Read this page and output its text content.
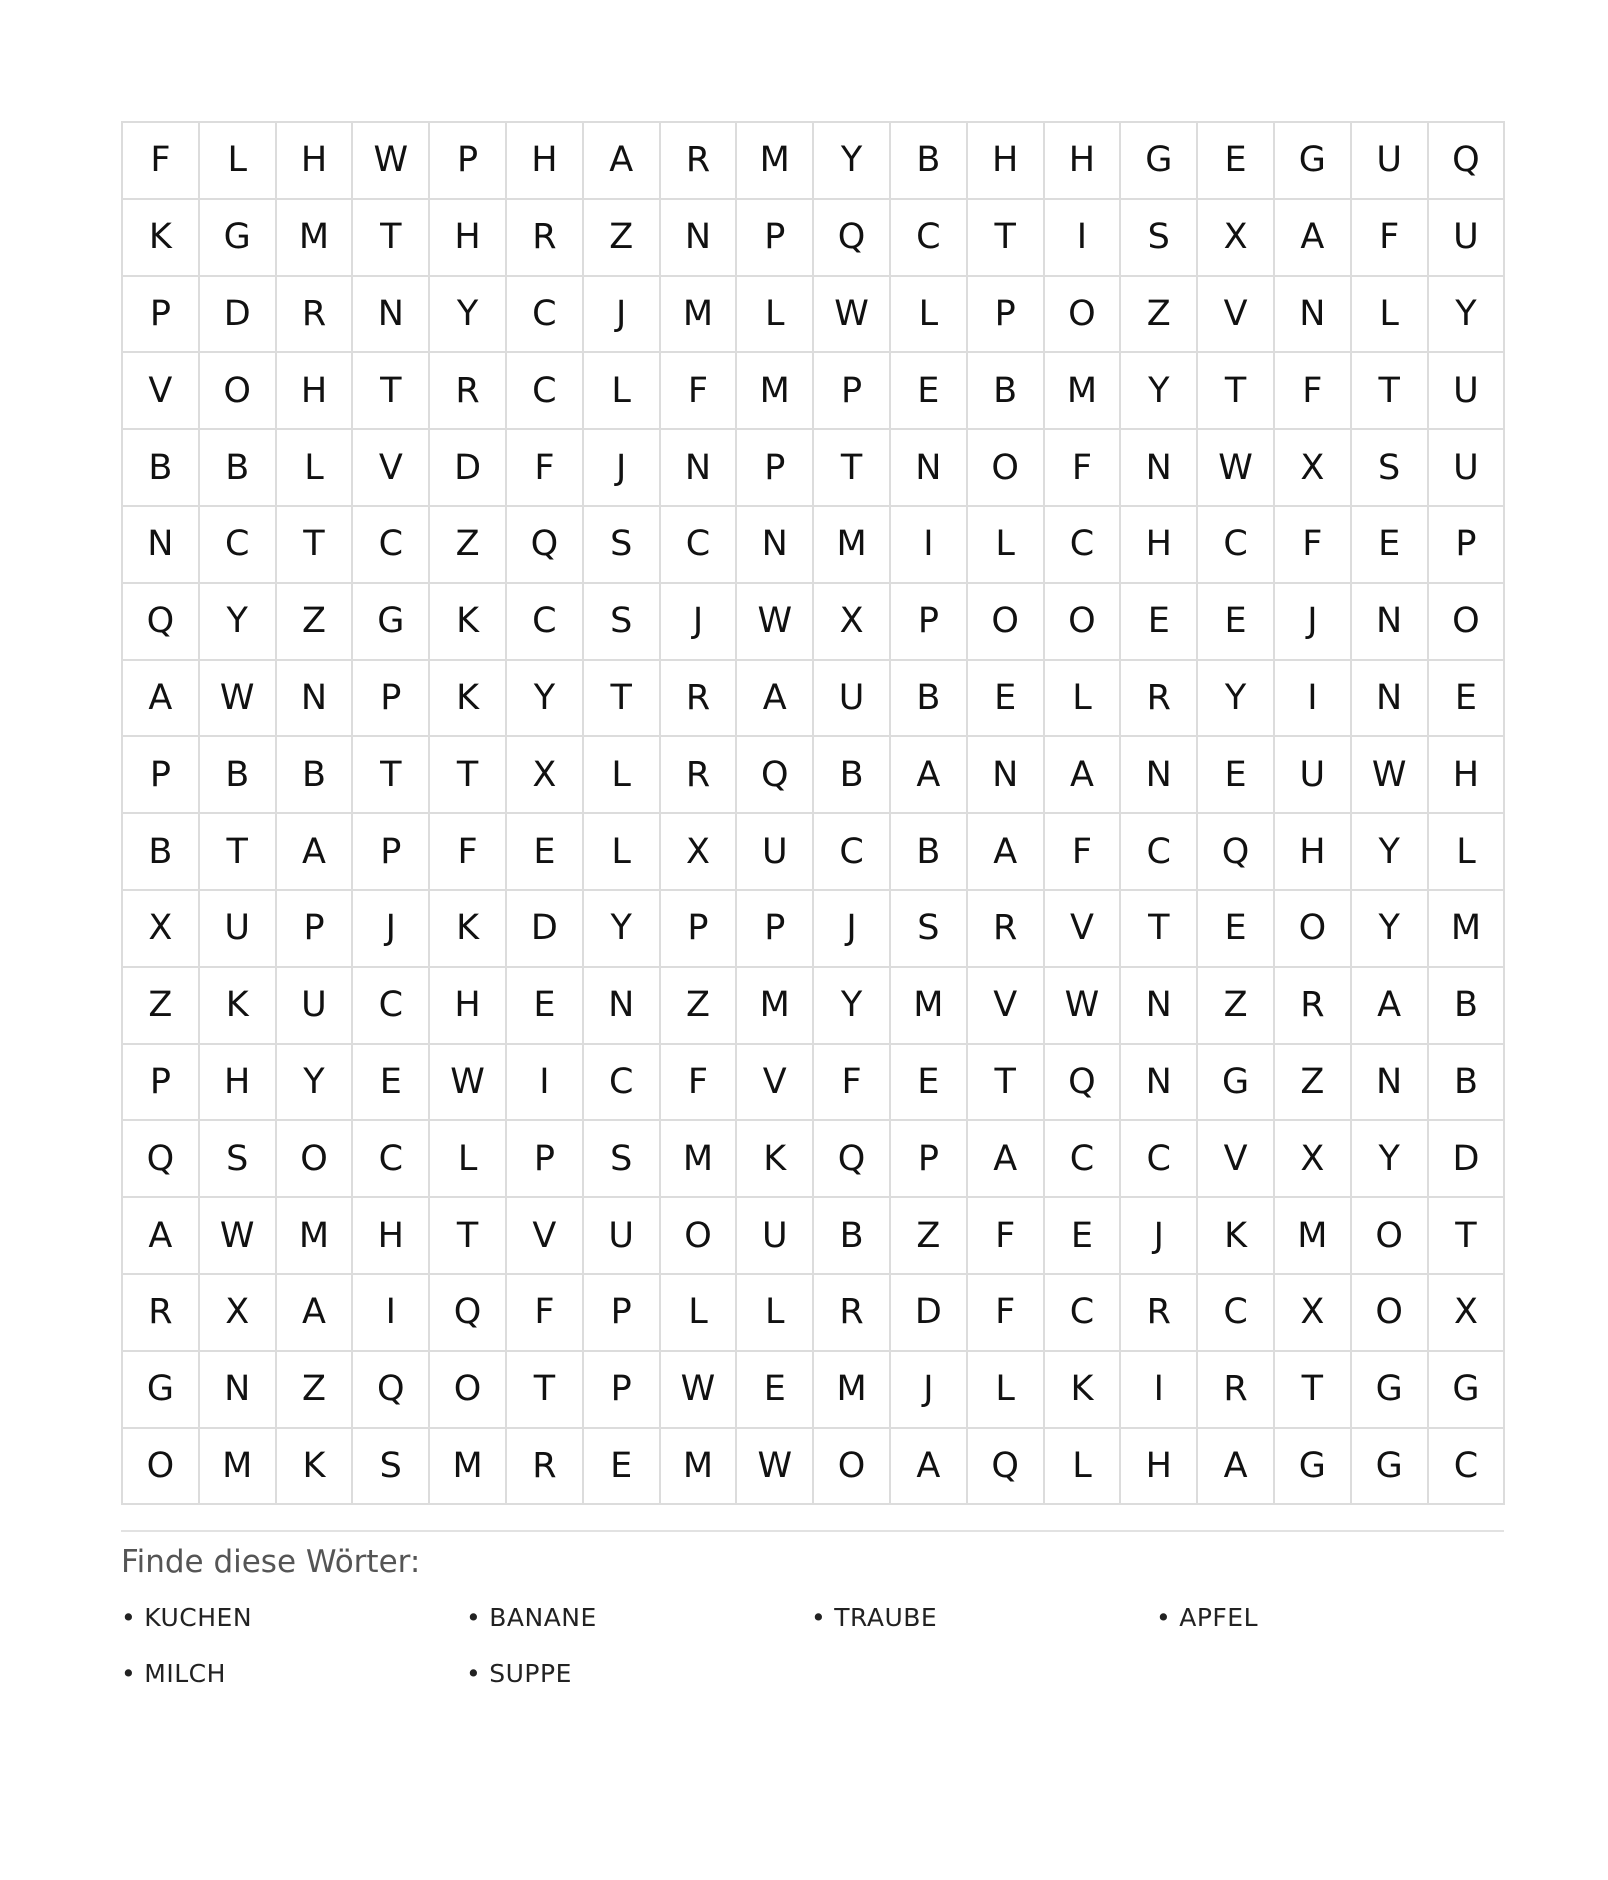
F	L	H	W	P	H	A	R	M	Y	B	H	H	G	E	G	U	Q
K	G	M	T	H	R	Z	N	P	Q	C	T	I	S	X	A	F	U
P	D	R	N	Y	C	J	M	L	W	L	P	O	Z	V	N	L	Y
V	O	H	T	R	C	L	F	M	P	E	B	M	Y	T	F	T	U
B	B	L	V	D	F	J	N	P	T	N	O	F	N	W	X	S	U
N	C	T	C	Z	Q	S	C	N	M	I	L	C	H	C	F	E	P
Q	Y	Z	G	K	C	S	J	W	X	P	O	O	E	E	J	N	O
A	W	N	P	K	Y	T	R	A	U	B	E	L	R	Y	I	N	E
P	B	B	T	T	X	L	R	Q	B	A	N	A	N	E	U	W	H
B	T	A	P	F	E	L	X	U	C	B	A	F	C	Q	H	Y	L
X	U	P	J	K	D	Y	P	P	J	S	R	V	T	E	O	Y	M
Z	K	U	C	H	E	N	Z	M	Y	M	V	W	N	Z	R	A	B
P	H	Y	E	W	I	C	F	V	F	E	T	Q	N	G	Z	N	B
Q	S	O	C	L	P	S	M	K	Q	P	A	C	C	V	X	Y	D
A	W	M	H	T	V	U	O	U	B	Z	F	E	J	K	M	O	T
R	X	A	I	Q	F	P	L	L	R	D	F	C	R	C	X	O	X
G	N	Z	Q	O	T	P	W	E	M	J	L	K	I	R	T	G	G
O	M	K	S	M	R	E	M	W	O	A	Q	L	H	A	G	G	C
Finde diese Wörter:
• KUCHEN	• BANANE	• TRAUBE	• APFEL
• MILCH	• SUPPE
